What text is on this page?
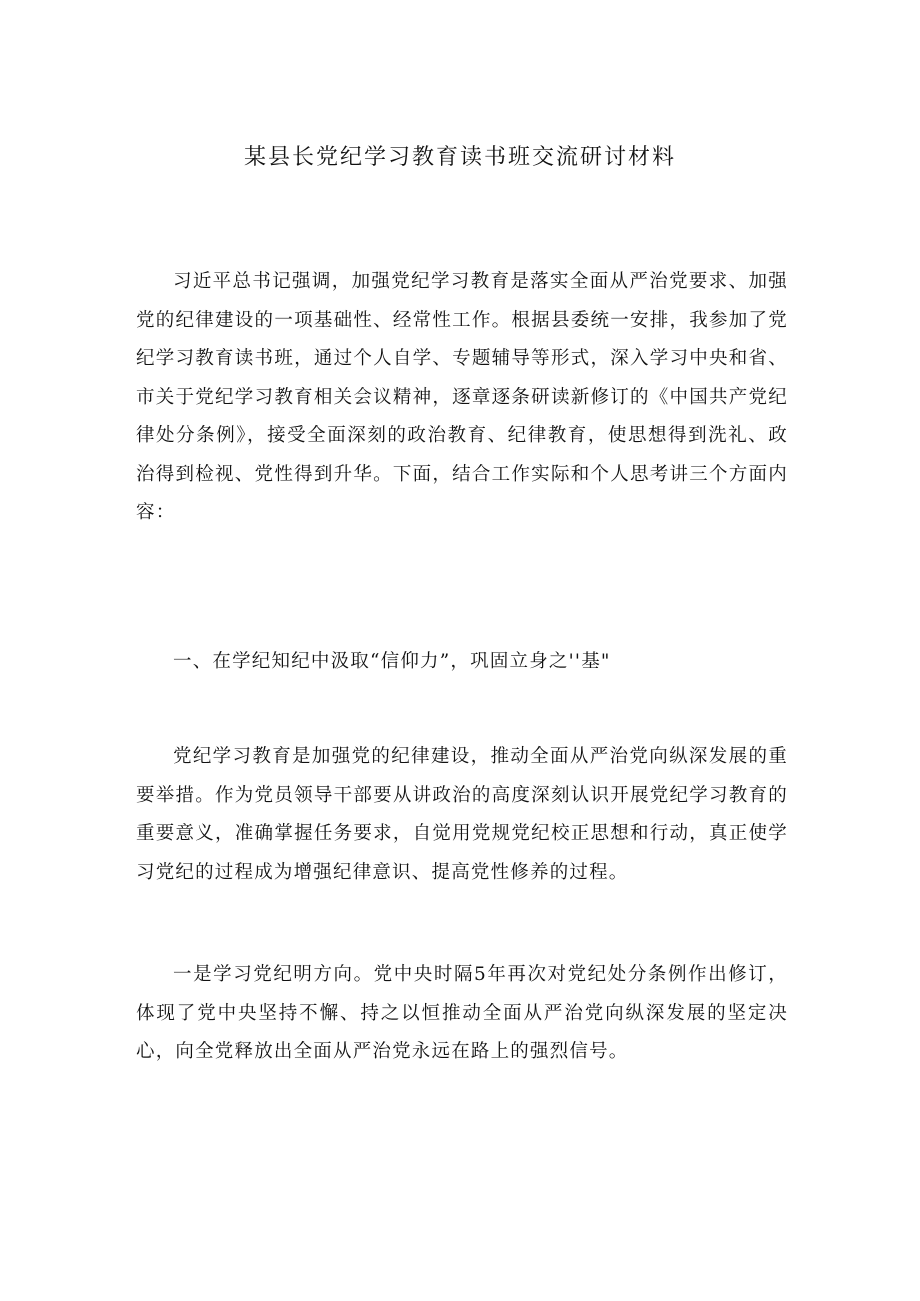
某县长党纪学习教育读书班交流研讨材料

习近平总书记强调，加强党纪学习教育是落实全面从严治党要求、加强党的纪律建设的一项基础性、经常性工作。根据县委统一安排，我参加了党纪学习教育读书班，通过个人自学、专题辅导等形式，深入学习中央和省、市关于党纪学习教育相关会议精神，逐章逐条研读新修订的《中国共产党纪律处分条例》，接受全面深刻的政治教育、纪律教育，使思想得到洗礼、政治得到检视、党性得到升华。下面，结合工作实际和个人思考讲三个方面内容：

一、在学纪知纪中汲取“信仰力”，巩固立身之''基"

党纪学习教育是加强党的纪律建设，推动全面从严治党向纵深发展的重要举措。作为党员领导干部要从讲政治的高度深刻认识开展党纪学习教育的重要意义，准确掌握任务要求，自觉用党规党纪校正思想和行动，真正使学习党纪的过程成为增强纪律意识、提高党性修养的过程。

一是学习党纪明方向。党中央时隔5年再次对党纪处分条例作出修订，体现了党中央坚持不懈、持之以恒推动全面从严治党向纵深发展的坚定决心，向全党释放出全面从严治党永远在路上的强烈信号。
